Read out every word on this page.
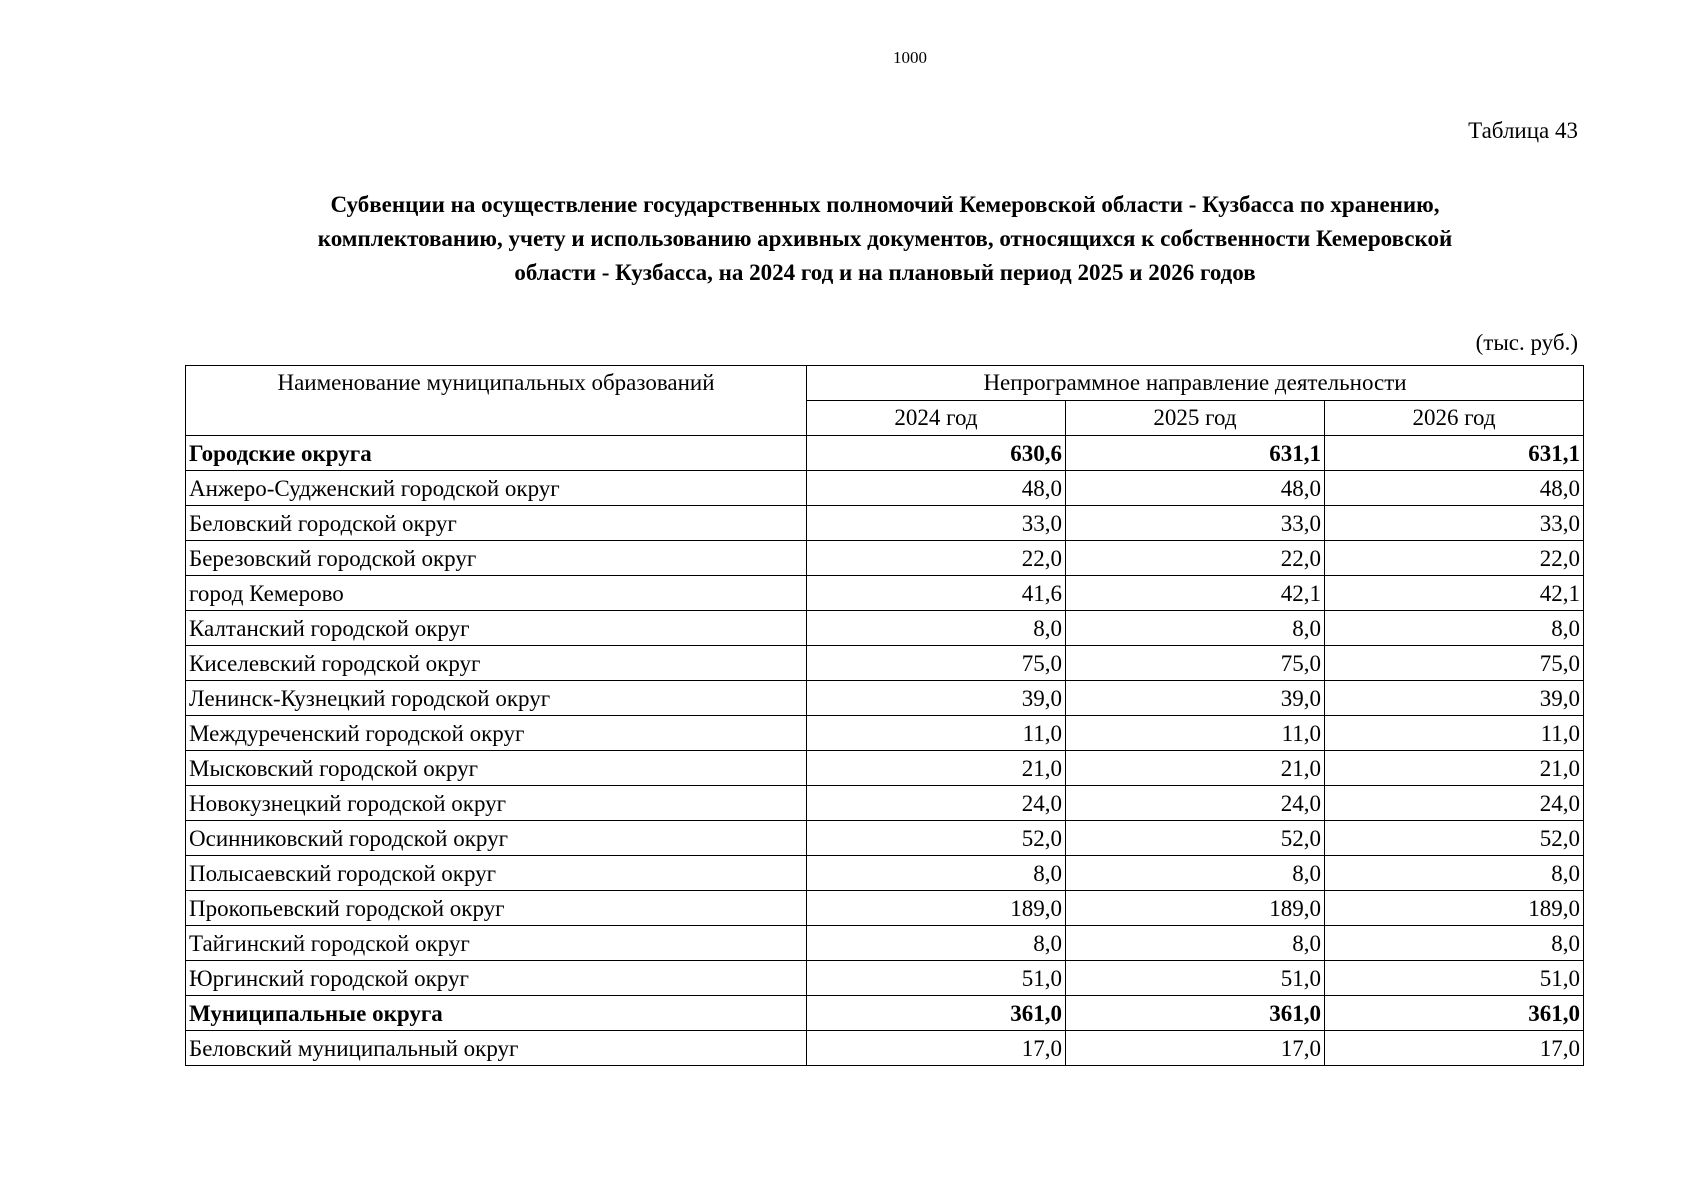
1000
Таблица 43
Субвенции на осуществление государственных полномочий Кемеровской области - Кузбасса по хранению,
комплектованию, учету и использованию архивных документов, относящихся к собственности Кемеровской
области - Кузбасса, на 2024 год и на плановый период 2025 и 2026 годов
(тыс. руб.)
Наименование муниципальных образований	Непрограммное направление деятельности		
	2024 год	2025 год	2026 год
Городские округа	630,6	631,1	631,1
Анжеро-Судженский городской округ	48,0	48,0	48,0
Беловский городской округ	33,0	33,0	33,0
Березовский городской округ	22,0	22,0	22,0
город Кемерово	41,6	42,1	42,1
Калтанский городской округ	8,0	8,0	8,0
Киселевский городской округ	75,0	75,0	75,0
Ленинск-Кузнецкий городской округ	39,0	39,0	39,0
Междуреченский городской округ	11,0	11,0	11,0
Мысковский городской округ	21,0	21,0	21,0
Новокузнецкий городской округ	24,0	24,0	24,0
Осинниковский городской округ	52,0	52,0	52,0
Полысаевский городской округ	8,0	8,0	8,0
Прокопьевский городской округ	189,0	189,0	189,0
Тайгинский городской округ	8,0	8,0	8,0
Юргинский городской округ	51,0	51,0	51,0
Муниципальные округа	361,0	361,0	361,0
Беловский муниципальный округ	17,0	17,0	17,0
